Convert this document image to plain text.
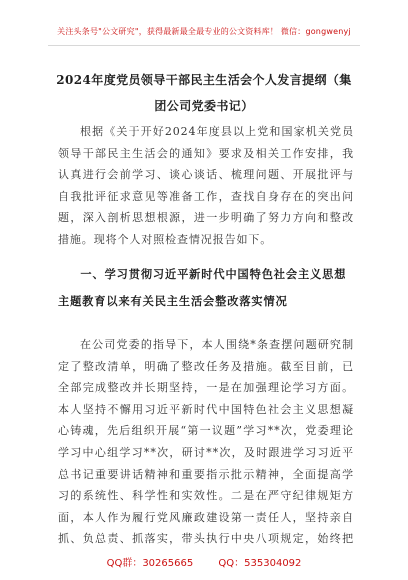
关注头条号"公文研究"，获得最新最全最专业的公文资料库！ 微信：gongwenyj
2024年度党员领导干部民主生活会个人发言提纲（集团公司党委书记）
根据《关于开好2024年度县以上党和国家机关党员领导干部民主生活会的通知》要求及相关工作安排，我认真进行会前学习、谈心谈话、梳理问题、开展批评与自我批评征求意见等准备工作，查找自身存在的突出问题，深入剖析思想根源，进一步明确了努力方向和整改措施。现将个人对照检查情况报告如下。
一、学习贯彻习近平新时代中国特色社会主义思想主题教育以来有关民主生活会整改落实情况
在公司党委的指导下，本人围绕*条查摆问题研究制定了整改清单，明确了整改任务及措施。截至目前，已全部完成整改并长期坚持，一是在加强理论学习方面。本人坚持不懈用习近平新时代中国特色社会主义思想凝心铸魂，先后组织开展“第一议题”学习**次，党委理论学习中心组学习**次，研讨**次，及时跟进学习习近平总书记重要讲话精神和重要指示批示精神，全面提高学习的系统性、科学性和实效性。二是在严守纪律规矩方面，本人作为履行党风廉政建设第一责任人，坚持亲自抓、负总责、抓落实，带头执行中央八项规定，始终把
QQ群：30265665	QQ：535304092
